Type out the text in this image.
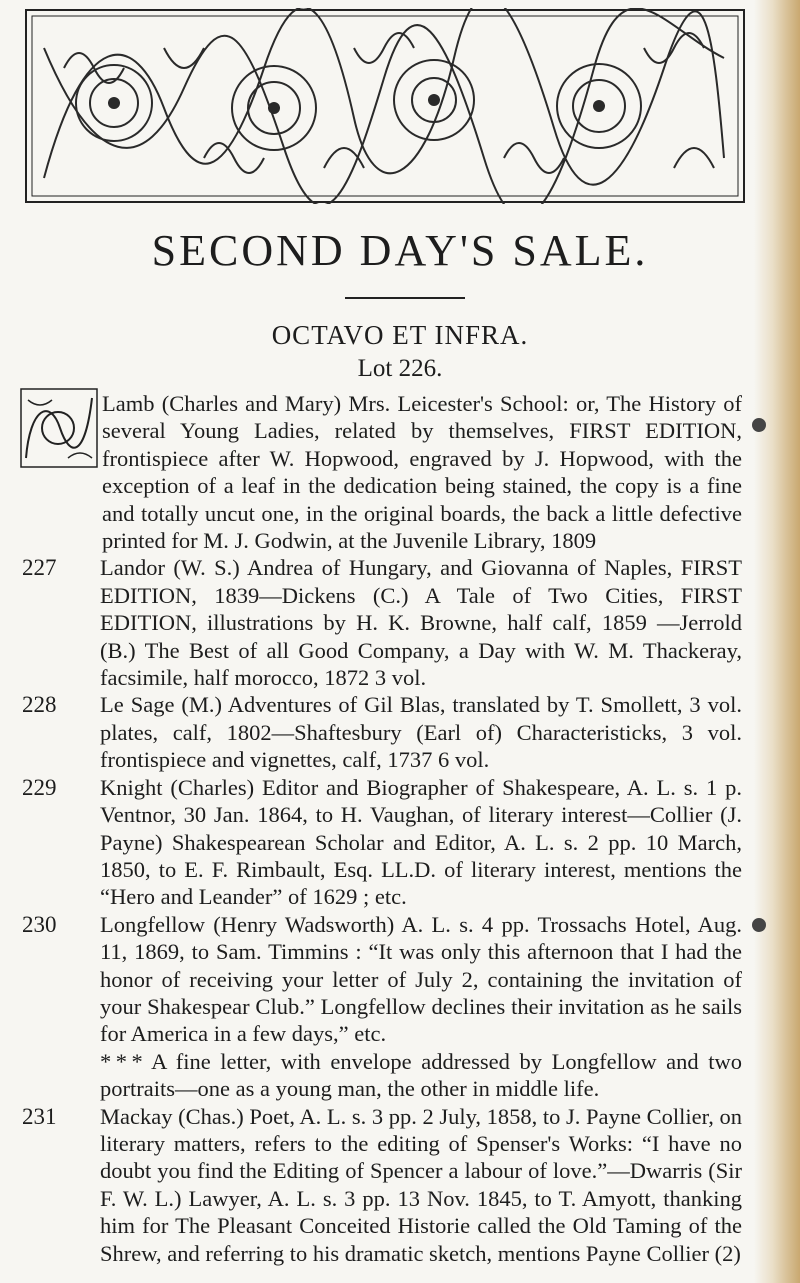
SECOND DAY'S SALE.
OCTAVO ET INFRA.
Lot 226.
Lamb (Charles and Mary) Mrs. Leicester's School: or, The History of several Young Ladies, related by themselves, FIRST EDITION, frontispiece after W. Hopwood, engraved by J. Hopwood, with the exception of a leaf in the dedication being stained, the copy is a fine and totally uncut one, in the original boards, the back a little defective printed for M. J. Godwin, at the Juvenile Library, 1809
227	Landor (W. S.) Andrea of Hungary, and Giovanna of Naples, FIRST EDITION, 1839—Dickens (C.) A Tale of Two Cities, FIRST EDITION, illustrations by H. K. Browne, half calf, 1859 —Jerrold (B.) The Best of all Good Company, a Day with W. M. Thackeray, facsimile, half morocco, 1872 3 vol.
228	Le Sage (M.) Adventures of Gil Blas, translated by T. Smollett, 3 vol. plates, calf, 1802—Shaftesbury (Earl of) Characteristicks, 3 vol. frontispiece and vignettes, calf, 1737 6 vol.
229	Knight (Charles) Editor and Biographer of Shakespeare, A. L. s. 1 p. Ventnor, 30 Jan. 1864, to H. Vaughan, of literary interest—Collier (J. Payne) Shakespearean Scholar and Editor, A. L. s. 2 pp. 10 March, 1850, to E. F. Rimbault, Esq. LL.D. of literary interest, mentions the “Hero and Leander” of 1629 ; etc.
230	Longfellow (Henry Wadsworth) A. L. s. 4 pp. Trossachs Hotel, Aug. 11, 1869, to Sam. Timmins : “It was only this afternoon that I had the honor of receiving your letter of July 2, containing the invitation of your Shakespear Club.” Longfellow declines their invitation as he sails for America in a few days,” etc.
* * * A fine letter, with envelope addressed by Longfellow and two portraits—one as a young man, the other in middle life.
231	Mackay (Chas.) Poet, A. L. s. 3 pp. 2 July, 1858, to J. Payne Collier, on literary matters, refers to the editing of Spenser's Works: “I have no doubt you find the Editing of Spencer a labour of love.”—Dwarris (Sir F. W. L.) Lawyer, A. L. s. 3 pp. 13 Nov. 1845, to T. Amyott, thanking him for The Pleasant Conceited Historie called the Old Taming of the Shrew, and referring to his dramatic sketch, mentions Payne Collier (2)
